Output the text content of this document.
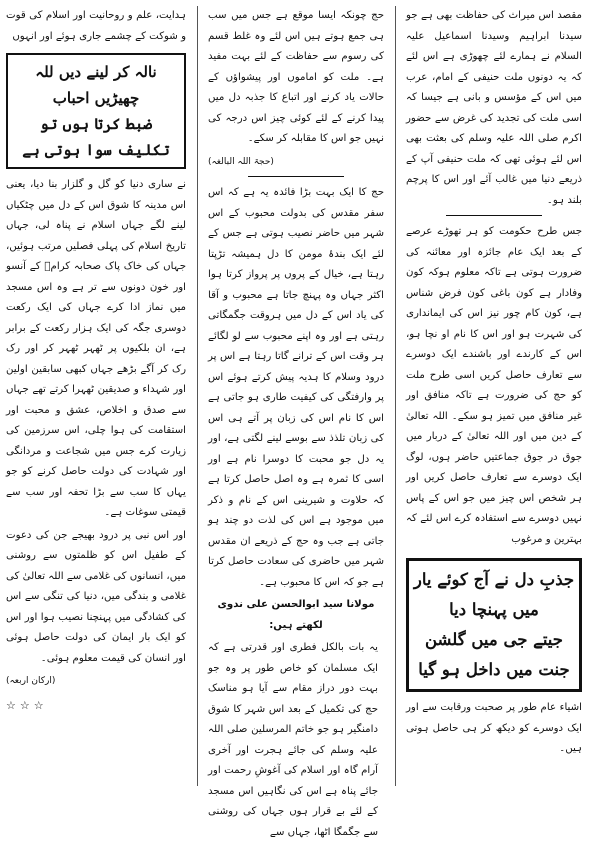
مقصد اس میراث کی حفاظت بھی ہے جو سیدنا ابراہیم وسیدنا اسماعیل علیہ السلام نے ہمارے لئے چھوڑی ہے اس لئے کہ یہ دونوں ملت حنیفی کے امام، عرب میں اس کے مؤسس و بانی ہے جیسا کہ اسی ملت کی تجدید کی غرض سے حضور اکرم صلی اللہ علیہ وسلم کی بعثت بھی اس لئے ہوئی تھی کہ ملت حنیفی آپ کے ذریعے دنیا میں غالب آئے اور اس کا پرچم بلند ہو۔

جس طرح حکومت کو ہر تھوڑے عرصے کے بعد ایک عام جائزہ اور معائنہ کی ضرورت ہوتی ہے تاکہ معلوم ہوکہ کون وفادار ہے کون باغی کون فرض شناس ہے، کون کام چور نیز اس کی ایمانداری کی شہرت ہو اور اس کا نام او نچا ہو، اس کے کارندے اور باشندے ایک دوسرے سے تعارف حاصل کریں اسی طرح ملت کو حج کی ضرورت ہے تاکہ منافق اور غیر منافق میں تمیز ہو سکے۔ اللہ تعالیٰ کے دین میں اور اللہ تعالیٰ کے دربار میں جوق در جوق جماعتیں حاضر ہوں، لوگ ایک دوسرے سے تعارف حاصل کریں اور ہر شخص اس چیز میں جو اس کے پاس نہیں دوسرے سے استفادہ کرے اس لئے کہ بہترین و مرغوب

جذبِ دل نے آج کوئے یار میں پہنچا دیا
جیتے جی میں گلشن جنت میں داخل ہو گیا

اشیاء عام طور پر صحبت ورقابت سے اور ایک دوسرے کو دیکھ کر ہی حاصل ہوتی ہیں۔

حج چونکہ ایسا موقع ہے جس میں سب ہی جمع ہوتے ہیں اس لئے وہ غلط قسم کی رسوم سے حفاظت کے لئے بہت مفید ہے۔ ملت کو اماموں اور پیشواؤں کے حالات یاد کرنے اور اتباع کا جذبہ دل میں پیدا کرنے کے لئے کوئی چیز اس درجہ کی نہیں جو اس کا مقابلہ کر سکے۔

(حجۃ اللہ البالغہ)

حج کا ایک بہت بڑا فائدہ یہ ہے کہ اس سفر مقدس کی بدولت محبوب کے اس شہر میں حاضر نصیب ہوتی ہے جس کے لئے ایک بندۂ مومن کا دل ہمیشہ تڑپتا رہتا ہے، خیال کے پروں پر پرواز کرتا ہوا اکثر جہاں وہ پہنچ جاتا ہے محبوب و آقا کی یاد اس کے دل میں ہروقت جگمگاتی رہتی ہے اور وہ اپنے محبوب سے لو لگائے ہر وقت اس کے ترانے گاتا رہتا ہے اس پر درود وسلام کا ہدیہ پیش کرتے ہوئے اس پر وارفتگی کی کیفیت طاری ہو جاتی ہے اس کا نام اس کی زبان پر آتے ہی اس کی زبان تلذذ سے بوسے لینے لگتی ہے، اور یہ دل جو محبت کا دوسرا نام ہے اور اسی کا ثمرہ ہے وہ اصل حاصل کرتا ہے کہ حلاوت و شیرینی اس کے نام و ذکر میں موجود ہے اس کی لذت دو چند ہو جاتی ہے جب وہ حج کے ذریعے ان مقدس شہر میں حاضری کی سعادت حاصل کرتا ہے جو کہ اس کا محبوب ہے۔

مولانا سید ابوالحسن علی ندوی لکھتے ہیں:

یہ بات بالکل فطری اور قدرتی ہے کہ ایک مسلمان کو خاص طور پر وہ جو بہت دور دراز مقام سے آیا ہو مناسک حج کی تکمیل کے بعد اس شہر کا شوق دامنگیر ہو جو خاتم المرسلین صلی اللہ علیہ وسلم کی جائے ہجرت اور آخری آرام گاہ اور اسلام کی آغوشِ رحمت اور جائے پناہ ہے اس کی نگاہیں اس مسجد کے لئے بے قرار ہوں جہاں کی روشنی سے جگمگا اٹھا، جہاں سے

ہدایت، علم و روحانیت اور اسلام کی قوت و شوکت کے چشمے جاری ہوئے اور انہوں

نالہ کر لینے دیں للہ چھیڑیں احباب
ضبط کرتا ہوں تو تکلیف سوا ہوتی ہے

نے ساری دنیا کو گل و گلزار بنا دیا، یعنی اس مدینہ کا شوق اس کے دل میں چٹکیاں لینے لگے جہاں اسلام نے پناہ لی، جہاں تاریخ اسلام کی پہلی فصلیں مرتب ہوئیں، جہاں کی خاک پاک صحابہ کرامؓ کے آنسو اور خون دونوں سے تر ہے وہ اس مسجد میں نماز ادا کرے جہاں کی ایک رکعت دوسری جگہ کی ایک ہزار رکعت کے برابر ہے، ان بلکیوں پر ٹھہر ٹھہر کر اور رک رک کر آگے بڑھے جہاں کبھی سابقین اولین اور شہداء و صدیقین ٹھہرا کرتے تھے جہاں سے صدق و اخلاص، عشق و محبت اور استقامت کی ہوا چلی، اس سرزمین کی زیارت کرے جس میں شجاعت و مردانگی اور شہادت کی دولت حاصل کرنے کو جو یہاں کا سب سے بڑا تحفہ اور سب سے قیمتی سوغات ہے۔

اور اس نبی پر درود بھیجے جن کی دعوت کے طفیل اس کو ظلمتوں سے روشنی میں، انسانوں کی غلامی سے اللہ تعالیٰ کی غلامی و بندگی میں، دنیا کی تنگی سے اس کی کشادگی میں پہنچنا نصیب ہوا اور اس کو ایک بار ایمان کی دولت حاصل ہوئی اور انسان کی قیمت معلوم ہوئی۔

(ارکان اربعہ)
☆☆☆
